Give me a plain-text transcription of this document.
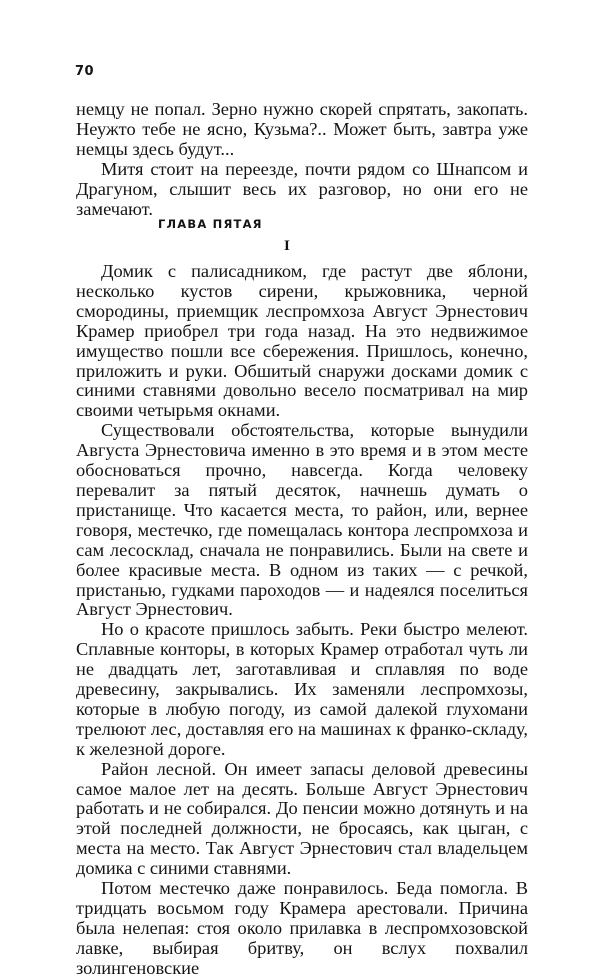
70

немцу не попал. Зерно нужно скорей спрятать, закопать. Неужто тебе не ясно, Кузьма?.. Может быть, завтра уже немцы здесь будут...

Митя стоит на переезде, почти рядом со Шнапсом и Драгуном, слышит весь их разговор, но они его не замечают.

ГЛАВА ПЯТАЯ
I

Домик с палисадником, где растут две яблони, несколько кустов сирени, крыжовника, черной смородины, приемщик леспромхоза Август Эрнестович Крамер приобрел три года назад. На это недвижимое имущество пошли все сбережения. Пришлось, конечно, приложить и руки. Обшитый снаружи досками домик с синими ставнями довольно весело посматривал на мир своими четырьмя окнами.

Существовали обстоятельства, которые вынудили Августа Эрнестовича именно в это время и в этом месте обосноваться прочно, навсегда. Когда человеку перевалит за пятый десяток, начнешь думать о пристанище. Что касается места, то район, или, вернее говоря, местечко, где помещалась контора леспромхоза и сам лесосклад, сначала не понравились. Были на свете и более красивые места. В одном из таких — с речкой, пристанью, гудками пароходов — и надеялся поселиться Август Эрнестович.

Но о красоте пришлось забыть. Реки быстро мелеют. Сплавные конторы, в которых Крамер отработал чуть ли не двадцать лет, заготавливая и сплавляя по воде древесину, закрывались. Их заменяли леспромхозы, которые в любую погоду, из самой далекой глухомани трелюют лес, доставляя его на машинах к франко-складу, к железной дороге.

Район лесной. Он имеет запасы деловой древесины самое малое лет на десять. Больше Август Эрнестович работать и не собирался. До пенсии можно дотянуть и на этой последней должности, не бросаясь, как цыган, с места на место. Так Август Эрнестович стал владельцем домика с синими ставнями.

Потом местечко даже понравилось. Беда помогла. В тридцать восьмом году Крамера арестовали. Причина была нелепая: стоя около прилавка в леспромхозовской лавке, выбирая бритву, он вслух похвалил золингеновские
